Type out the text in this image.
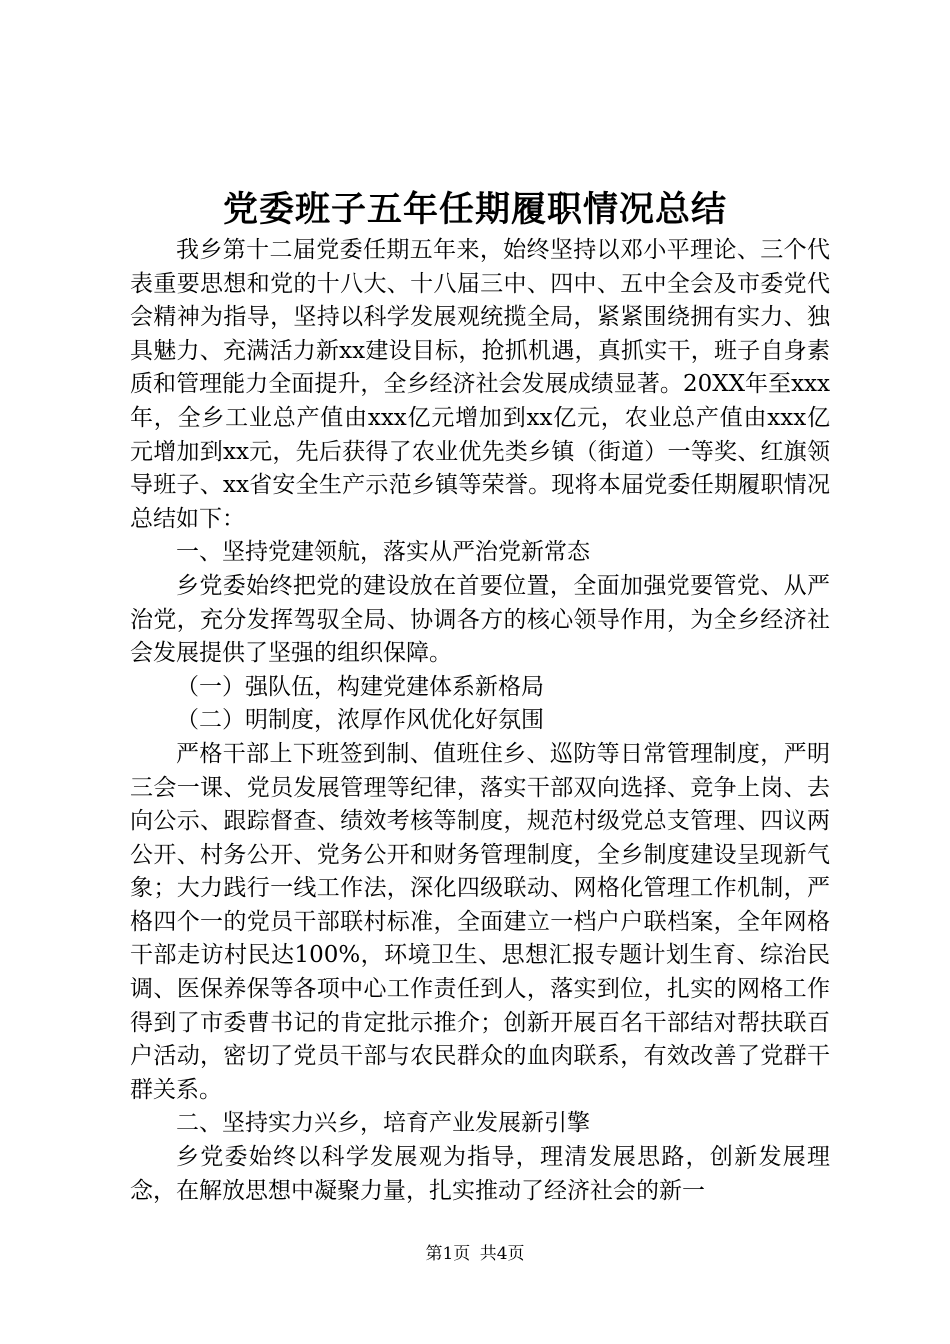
党委班子五年任期履职情况总结

我乡第十二届党委任期五年来，始终坚持以邓小平理论、三个代表重要思想和党的十八大、十八届三中、四中、五中全会及市委党代会精神为指导，坚持以科学发展观统揽全局，紧紧围绕拥有实力、独具魅力、充满活力新xx建设目标，抢抓机遇，真抓实干，班子自身素质和管理能力全面提升，全乡经济社会发展成绩显著。20XX年至xxx年，全乡工业总产值由xxx亿元增加到xx亿元，农业总产值由xxx亿元增加到xx元，先后获得了农业优先类乡镇（街道）一等奖、红旗领导班子、xx省安全生产示范乡镇等荣誉。现将本届党委任期履职情况总结如下：

一、坚持党建领航，落实从严治党新常态

乡党委始终把党的建设放在首要位置，全面加强党要管党、从严治党，充分发挥驾驭全局、协调各方的核心领导作用，为全乡经济社会发展提供了坚强的组织保障。

（一）强队伍，构建党建体系新格局

（二）明制度，浓厚作风优化好氛围

严格干部上下班签到制、值班住乡、巡防等日常管理制度，严明三会一课、党员发展管理等纪律，落实干部双向选择、竞争上岗、去向公示、跟踪督查、绩效考核等制度，规范村级党总支管理、四议两公开、村务公开、党务公开和财务管理制度，全乡制度建设呈现新气象；大力践行一线工作法，深化四级联动、网格化管理工作机制，严格四个一的党员干部联村标准，全面建立一档户户联档案，全年网格干部走访村民达100%，环境卫生、思想汇报专题计划生育、综治民调、医保养保等各项中心工作责任到人，落实到位，扎实的网格工作得到了市委曹书记的肯定批示推介；创新开展百名干部结对帮扶联百户活动，密切了党员干部与农民群众的血肉联系，有效改善了党群干群关系。

二、坚持实力兴乡，培育产业发展新引擎

乡党委始终以科学发展观为指导，理清发展思路，创新发展理念，在解放思想中凝聚力量，扎实推动了经济社会的新一

第1页 共4页
